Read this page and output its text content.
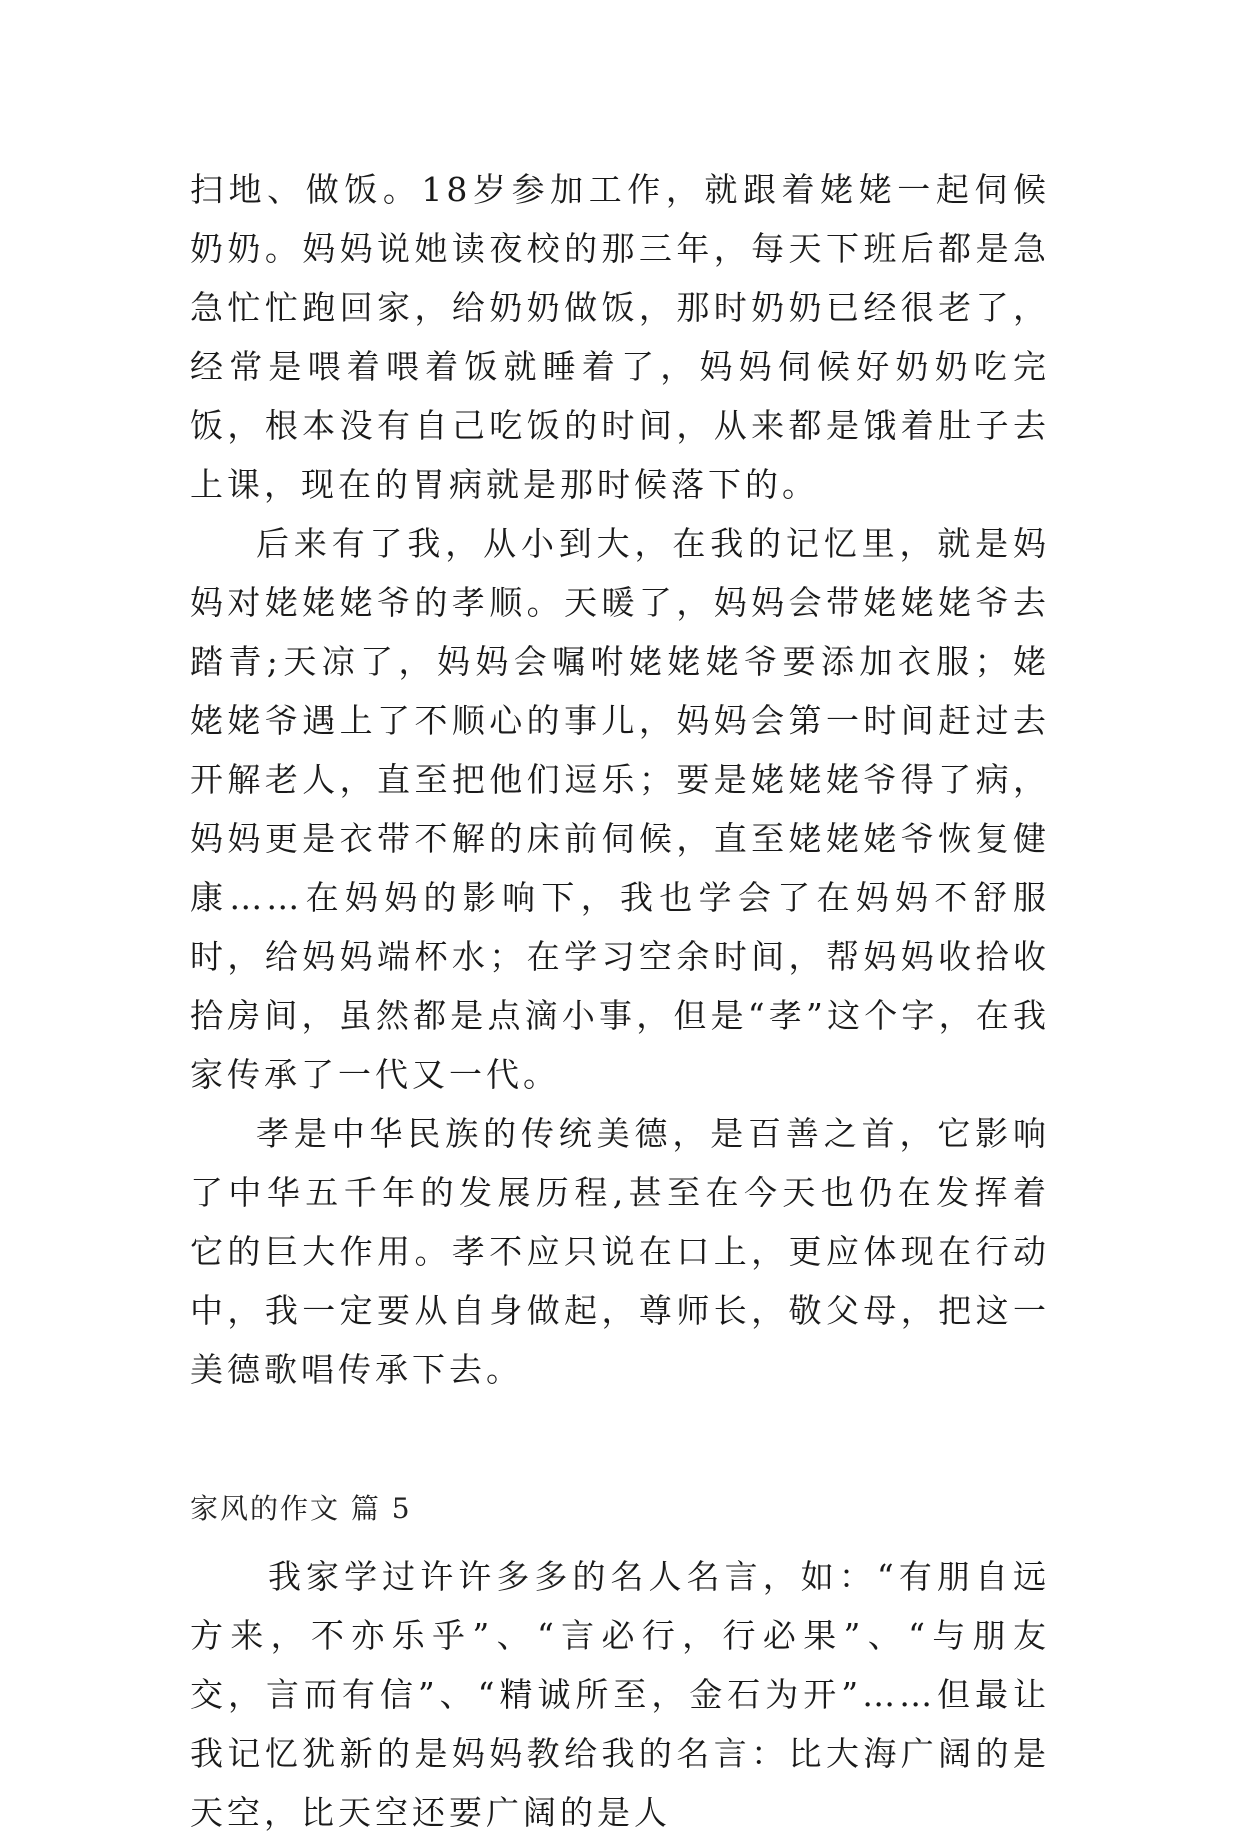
扫地、做饭。18岁参加工作，就跟着姥姥一起伺候奶奶。妈妈说她读夜校的那三年，每天下班后都是急急忙忙跑回家，给奶奶做饭，那时奶奶已经很老了，经常是喂着喂着饭就睡着了，妈妈伺候好奶奶吃完饭，根本没有自己吃饭的时间，从来都是饿着肚子去上课，现在的胃病就是那时候落下的。

后来有了我，从小到大，在我的记忆里，就是妈妈对姥姥姥爷的孝顺。天暖了，妈妈会带姥姥姥爷去踏青;天凉了，妈妈会嘱咐姥姥姥爷要添加衣服；姥姥姥爷遇上了不顺心的事儿，妈妈会第一时间赶过去开解老人，直至把他们逗乐；要是姥姥姥爷得了病，妈妈更是衣带不解的床前伺候，直至姥姥姥爷恢复健康……在妈妈的影响下，我也学会了在妈妈不舒服时，给妈妈端杯水；在学习空余时间，帮妈妈收拾收拾房间，虽然都是点滴小事，但是“孝”这个字，在我家传承了一代又一代。

孝是中华民族的传统美德，是百善之首，它影响了中华五千年的发展历程,甚至在今天也仍在发挥着它的巨大作用。孝不应只说在口上，更应体现在行动中，我一定要从自身做起，尊师长，敬父母，把这一美德歌唱传承下去。

家风的作文 篇 5

我家学过许许多多的名人名言，如：“有朋自远方来，不亦乐乎”、“言必行，行必果”、“与朋友交，言而有信”、“精诚所至，金石为开”……但最让我记忆犹新的是妈妈教给我的名言：比大海广阔的是天空，比天空还要广阔的是人
